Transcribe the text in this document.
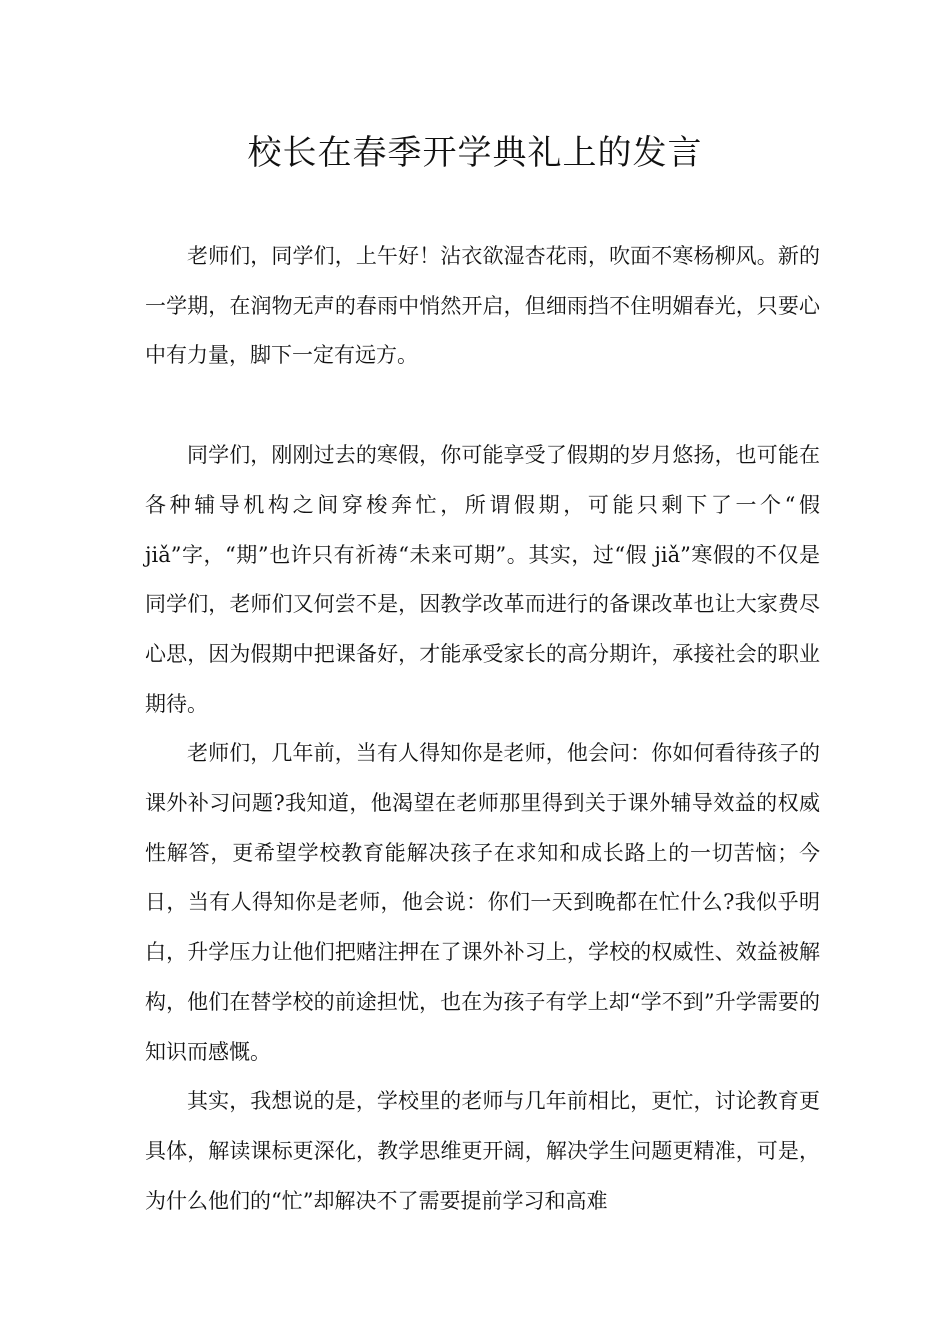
校长在春季开学典礼上的发言

老师们，同学们，上午好！沾衣欲湿杏花雨，吹面不寒杨柳风。新的一学期，在润物无声的春雨中悄然开启，但细雨挡不住明媚春光，只要心中有力量，脚下一定有远方。

同学们，刚刚过去的寒假，你可能享受了假期的岁月悠扬，也可能在各种辅导机构之间穿梭奔忙，所谓假期，可能只剩下了一个“假 jiǎ”字，“期”也许只有祈祷“未来可期”。其实，过“假 jiǎ”寒假的不仅是同学们，老师们又何尝不是，因教学改革而进行的备课改革也让大家费尽心思，因为假期中把课备好，才能承受家长的高分期许，承接社会的职业期待。

老师们，几年前，当有人得知你是老师，他会问：你如何看待孩子的课外补习问题?我知道，他渴望在老师那里得到关于课外辅导效益的权威性解答，更希望学校教育能解决孩子在求知和成长路上的一切苦恼；今日，当有人得知你是老师，他会说：你们一天到晚都在忙什么?我似乎明白，升学压力让他们把赌注押在了课外补习上，学校的权威性、效益被解构，他们在替学校的前途担忧，也在为孩子有学上却“学不到”升学需要的知识而感慨。

其实，我想说的是，学校里的老师与几年前相比，更忙，讨论教育更具体，解读课标更深化，教学思维更开阔，解决学生问题更精准，可是，为什么他们的“忙”却解决不了需要提前学习和高难
